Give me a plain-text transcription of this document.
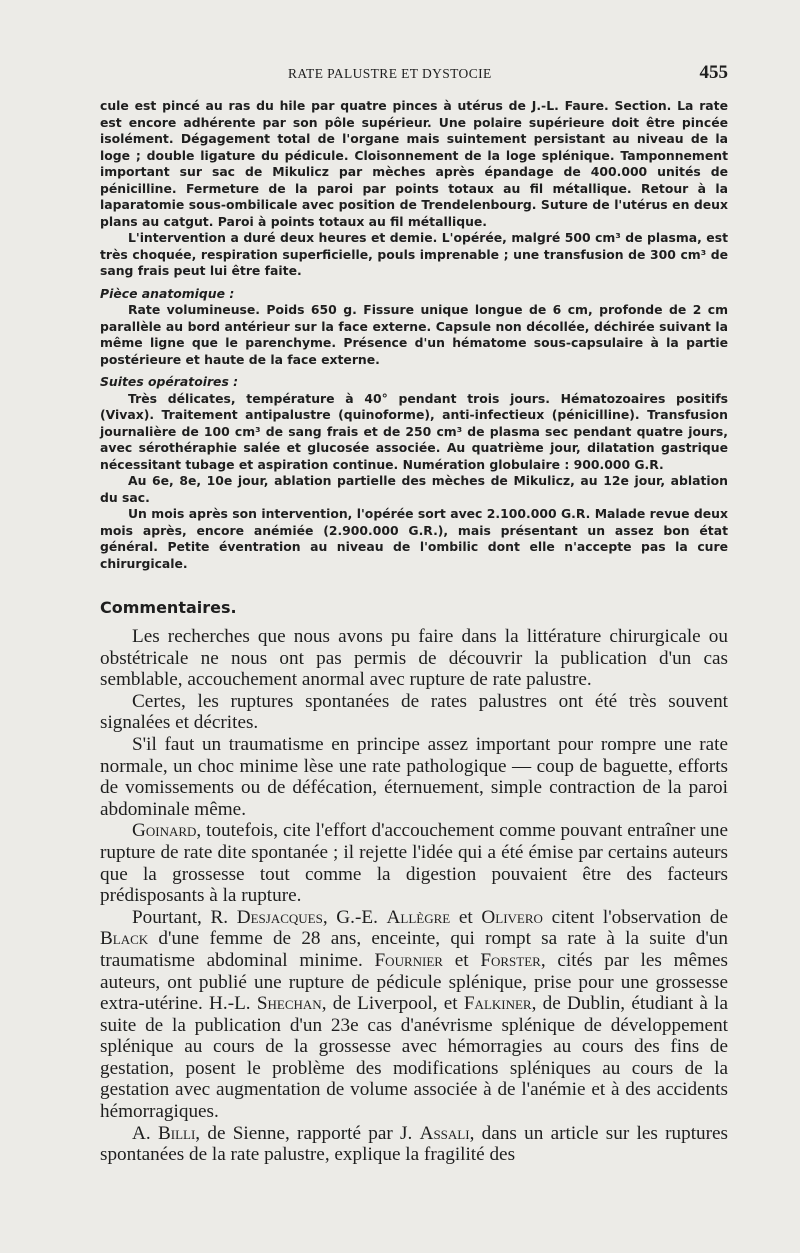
RATE PALUSTRE ET DYSTOCIE	455

cule est pincé au ras du hile par quatre pinces à utérus de J.-L. Faure. Section. La rate est encore adhérente par son pôle supérieur. Une polaire supérieure doit être pincée isolément. Dégagement total de l'organe mais suintement persistant au niveau de la loge ; double ligature du pédicule. Cloisonnement de la loge splénique. Tamponnement important sur sac de Mikulicz par mèches après épandage de 400.000 unités de pénicilline. Fermeture de la paroi par points totaux au fil métallique. Retour à la laparatomie sous-ombilicale avec position de Trendelenbourg. Suture de l'utérus en deux plans au catgut. Paroi à points totaux au fil métallique.

L'intervention a duré deux heures et demie. L'opérée, malgré 500 cm³ de plasma, est très choquée, respiration superficielle, pouls imprenable ; une transfusion de 300 cm³ de sang frais peut lui être faite.

Pièce anatomique :

Rate volumineuse. Poids 650 g. Fissure unique longue de 6 cm, profonde de 2 cm parallèle au bord antérieur sur la face externe. Capsule non décollée, déchirée suivant la même ligne que le parenchyme. Présence d'un hématome sous-capsulaire à la partie postérieure et haute de la face externe.

Suites opératoires :

Très délicates, température à 40° pendant trois jours. Hématozoaires positifs (Vivax). Traitement antipalustre (quinoforme), anti-infectieux (pénicilline). Transfusion journalière de 100 cm³ de sang frais et de 250 cm³ de plasma sec pendant quatre jours, avec sérothéraphie salée et glucosée associée. Au quatrième jour, dilatation gastrique nécessitant tubage et aspiration continue. Numération globulaire : 900.000 G.R.

Au 6e, 8e, 10e jour, ablation partielle des mèches de Mikulicz, au 12e jour, ablation du sac.

Un mois après son intervention, l'opérée sort avec 2.100.000 G.R. Malade revue deux mois après, encore anémiée (2.900.000 G.R.), mais présentant un assez bon état général. Petite éventration au niveau de l'ombilic dont elle n'accepte pas la cure chirurgicale.

Commentaires.

Les recherches que nous avons pu faire dans la littérature chirurgicale ou obstétricale ne nous ont pas permis de découvrir la publication d'un cas semblable, accouchement anormal avec rupture de rate palustre.

Certes, les ruptures spontanées de rates palustres ont été très souvent signalées et décrites.

S'il faut un traumatisme en principe assez important pour rompre une rate normale, un choc minime lèse une rate pathologique — coup de baguette, efforts de vomissements ou de défécation, éternuement, simple contraction de la paroi abdominale même.

Goinard, toutefois, cite l'effort d'accouchement comme pouvant entraîner une rupture de rate dite spontanée ; il rejette l'idée qui a été émise par certains auteurs que la grossesse tout comme la digestion pouvaient être des facteurs prédisposants à la rupture.

Pourtant, R. Desjacques, G.-E. Allègre et Olivero citent l'observation de Black d'une femme de 28 ans, enceinte, qui rompt sa rate à la suite d'un traumatisme abdominal minime. Fournier et Forster, cités par les mêmes auteurs, ont publié une rupture de pédicule splénique, prise pour une grossesse extra-utérine. H.-L. Shechan, de Liverpool, et Falkiner, de Dublin, étudiant à la suite de la publication d'un 23e cas d'anévrisme splénique de développement splénique au cours de la grossesse avec hémorragies au cours des fins de gestation, posent le problème des modifications spléniques au cours de la gestation avec augmentation de volume associée à de l'anémie et à des accidents hémorragiques.

A. Billi, de Sienne, rapporté par J. Assali, dans un article sur les ruptures spontanées de la rate palustre, explique la fragilité des
